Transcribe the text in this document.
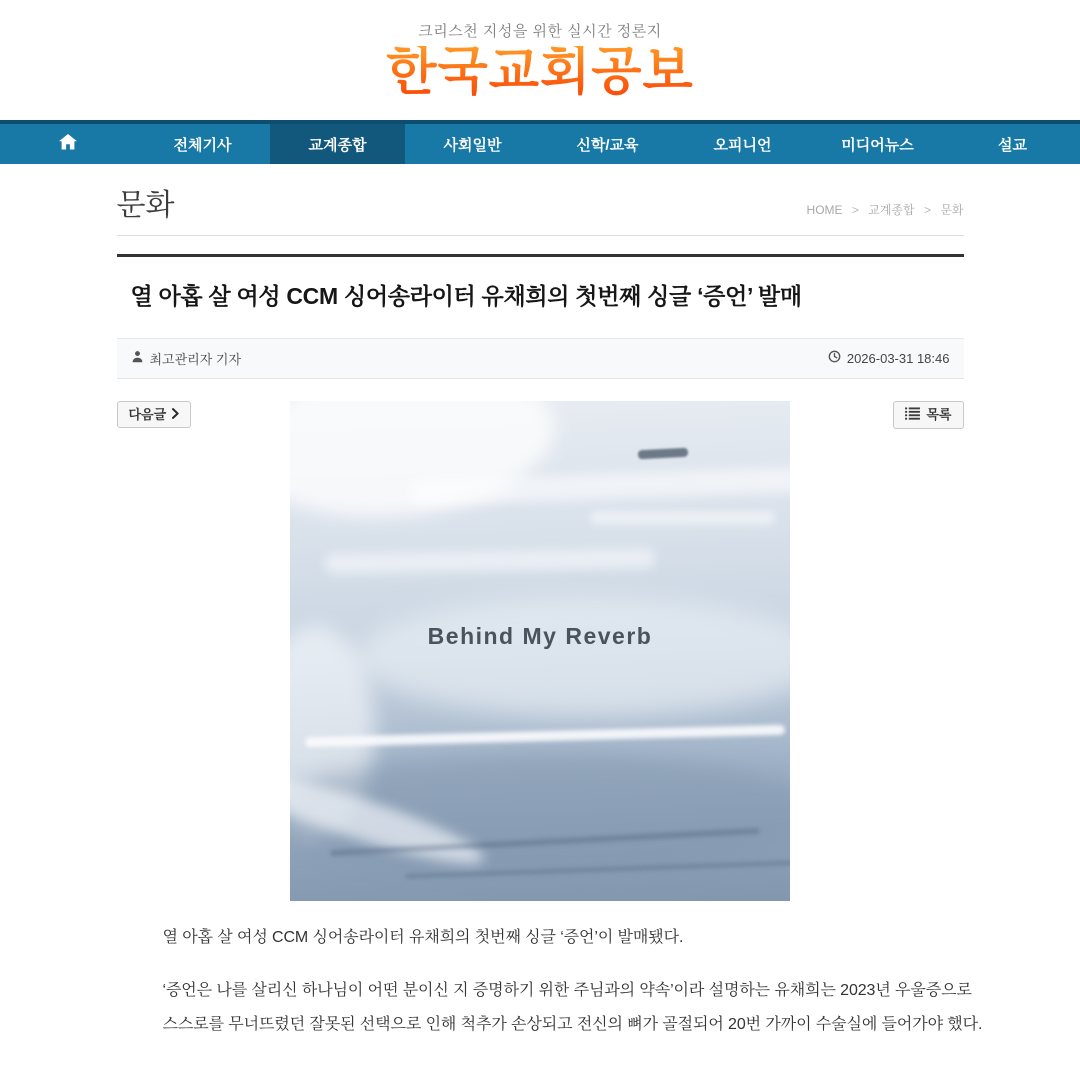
크리스천 지성을 위한 실시간 정론지
한국교회공보
전체기사	교계종합	사회일반	신학/교육	오피니언	미디어뉴스	설교
문화	HOME > 교계종합 > 문화
열 아홉 살 여성 CCM 싱어송라이터 유채희의 첫번째 싱글 ‘증언’ 발매
최고관리자 기자	2026-03-31 18:46
다음글	목록
Behind My Reverb

열 아홉 살 여성 CCM 싱어송라이터 유채희의 첫번째 싱글 ‘증언’이 발매됐다.

‘증언은 나를 살리신 하나님이 어떤 분이신 지 증명하기 위한 주님과의 약속’이라 설명하는 유채희는 2023년 우울증으로 스스로를 무너뜨렸던 잘못된 선택으로 인해 척추가 손상되고 전신의 뼈가 골절되어 20번 가까이 수술실에 들어가야 했다.
